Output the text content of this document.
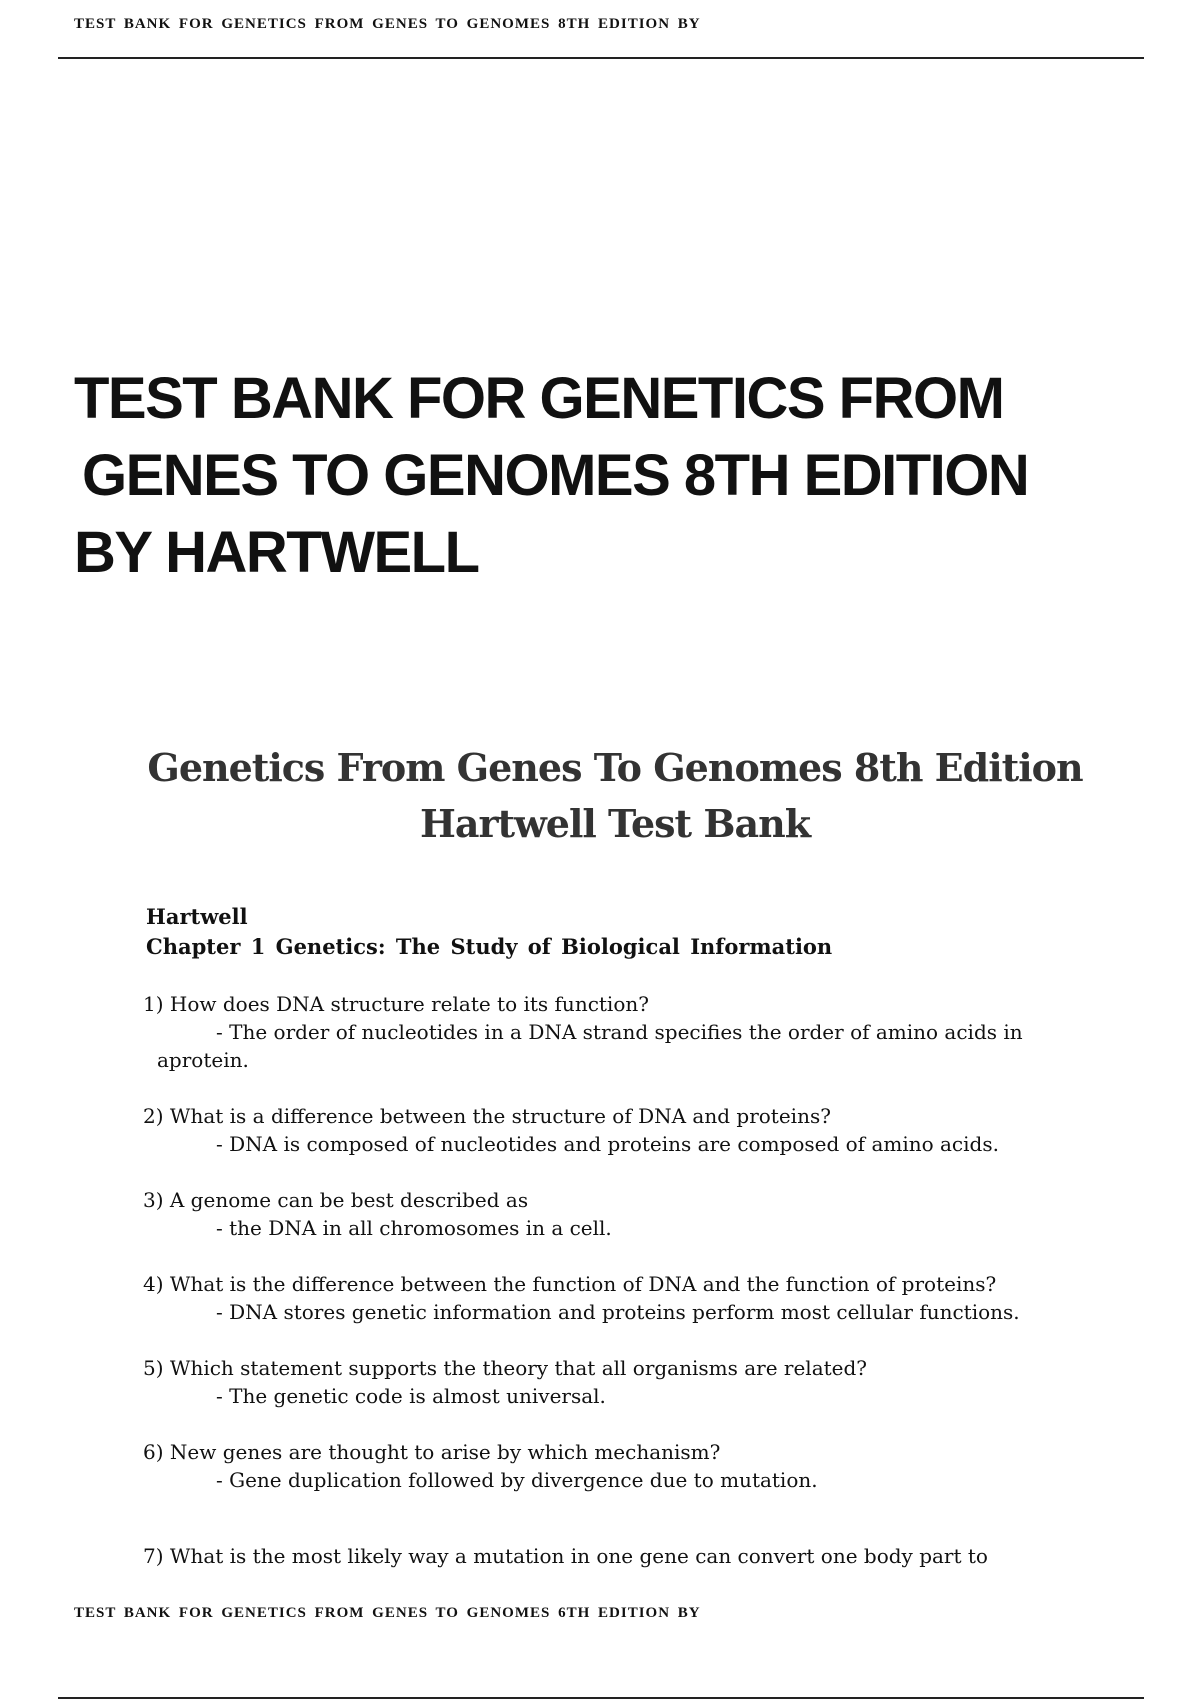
TEST BANK FOR GENETICS FROM GENES TO GENOMES 8TH EDITION BY
TEST BANK FOR GENETICS FROM
GENES TO GENOMES 8TH EDITION
BY HARTWELL
Genetics From Genes To Genomes 8th Edition
Hartwell Test Bank

Hartwell

Chapter 1 Genetics: The Study of Biological Information

1) How does DNA structure relate to its function?
- The order of nucleotides in a DNA strand specifies the order of amino acids in aprotein.
2) What is a difference between the structure of DNA and proteins?
- DNA is composed of nucleotides and proteins are composed of amino acids.
3) A genome can be best described as
- the DNA in all chromosomes in a cell.
4) What is the difference between the function of DNA and the function of proteins?
- DNA stores genetic information and proteins perform most cellular functions.
5) Which statement supports the theory that all organisms are related?
- The genetic code is almost universal.
6) New genes are thought to arise by which mechanism?
- Gene duplication followed by divergence due to mutation.
7) What is the most likely way a mutation in one gene can convert one body part to
TEST BANK FOR GENETICS FROM GENES TO GENOMES 6TH EDITION BY
